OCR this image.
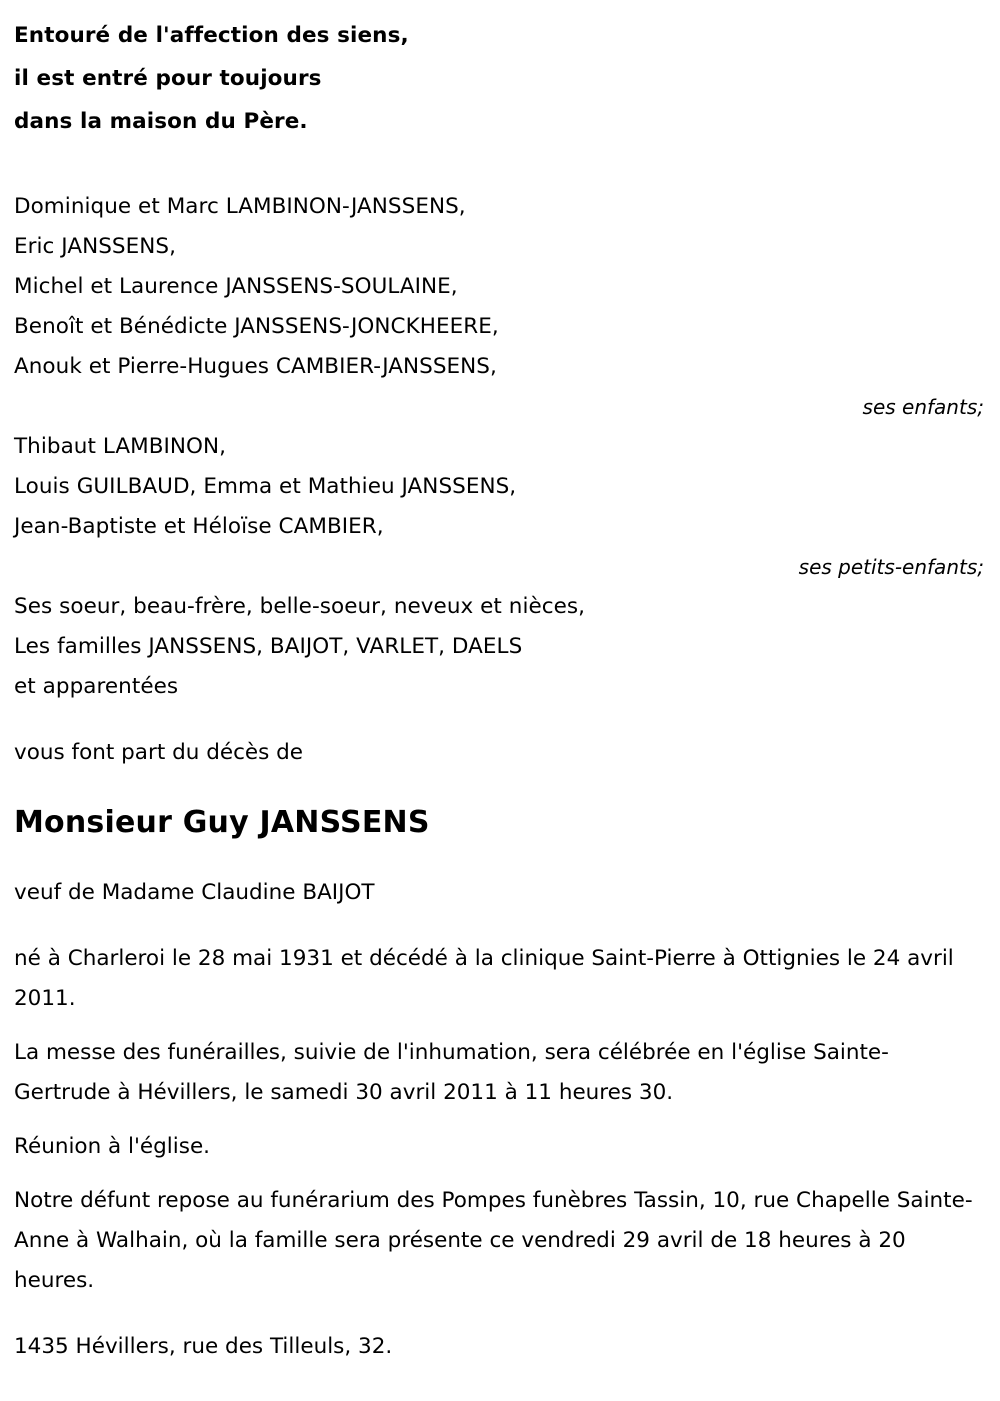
Entouré de l'affection des siens,
il est entré pour toujours
dans la maison du Père.
Dominique et Marc LAMBINON-JANSSENS,
Eric JANSSENS,
Michel et Laurence JANSSENS-SOULAINE,
Benoît et Bénédicte JANSSENS-JONCKHEERE,
Anouk et Pierre-Hugues CAMBIER-JANSSENS,
ses enfants;
Thibaut LAMBINON,
Louis GUILBAUD, Emma et Mathieu JANSSENS,
Jean-Baptiste et Héloïse CAMBIER,
ses petits-enfants;
Ses soeur, beau-frère, belle-soeur, neveux et nièces,
Les familles JANSSENS, BAIJOT, VARLET, DAELS
et apparentées
vous font part du décès de
Monsieur Guy JANSSENS
veuf de Madame Claudine BAIJOT
né à Charleroi le 28 mai 1931 et décédé à la clinique Saint-Pierre à Ottignies le 24 avril 2011.
La messe des funérailles, suivie de l'inhumation, sera célébrée en l'église Sainte-Gertrude à Hévillers, le samedi 30 avril 2011 à 11 heures 30.
Réunion à l'église.
Notre défunt repose au funérarium des Pompes funèbres Tassin, 10, rue Chapelle Sainte-Anne à Walhain, où la famille sera présente ce vendredi 29 avril de 18 heures à 20 heures.
1435 Hévillers, rue des Tilleuls, 32.
